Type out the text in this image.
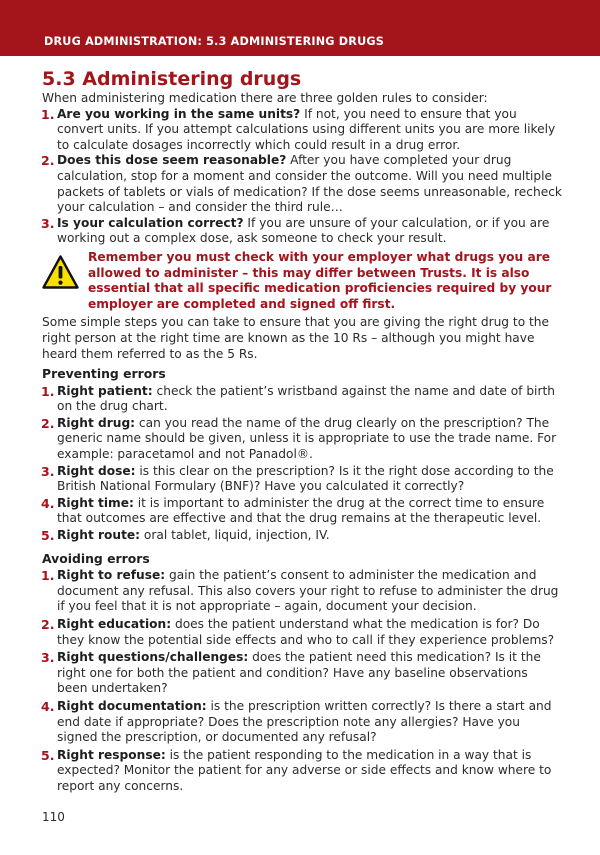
DRUG ADMINISTRATION: 5.3 ADMINISTERING DRUGS
5.3 Administering drugs

When administering medication there are three golden rules to consider:

1. Are you working in the same units? If not, you need to ensure that you convert units. If you attempt calculations using different units you are more likely to calculate dosages incorrectly which could result in a drug error.
2. Does this dose seem reasonable? After you have completed your drug calculation, stop for a moment and consider the outcome. Will you need multiple packets of tablets or vials of medication? If the dose seems unreasonable, recheck your calculation – and consider the third rule…
3. Is your calculation correct? If you are unsure of your calculation, or if you are working out a complex dose, ask someone to check your result.
Remember you must check with your employer what drugs you are allowed to administer – this may differ between Trusts. It is also essential that all specific medication proficiencies required by your employer are completed and signed off first.

Some simple steps you can take to ensure that you are giving the right drug to the right person at the right time are known as the 10 Rs – although you might have heard them referred to as the 5 Rs.

Preventing errors
1. Right patient: check the patient’s wristband against the name and date of birth on the drug chart.
2. Right drug: can you read the name of the drug clearly on the prescription? The generic name should be given, unless it is appropriate to use the trade name. For example: paracetamol and not Panadol®.
3. Right dose: is this clear on the prescription? Is it the right dose according to the British National Formulary (BNF)? Have you calculated it correctly?
4. Right time: it is important to administer the drug at the correct time to ensure that outcomes are effective and that the drug remains at the therapeutic level.
5. Right route: oral tablet, liquid, injection, IV.
Avoiding errors
1. Right to refuse: gain the patient’s consent to administer the medication and document any refusal. This also covers your right to refuse to administer the drug if you feel that it is not appropriate – again, document your decision.
2. Right education: does the patient understand what the medication is for? Do they know the potential side effects and who to call if they experience problems?
3. Right questions/challenges: does the patient need this medication? Is it the right one for both the patient and condition? Have any baseline observations been undertaken?
4. Right documentation: is the prescription written correctly? Is there a start and end date if appropriate? Does the prescription note any allergies? Have you signed the prescription, or documented any refusal?
5. Right response: is the patient responding to the medication in a way that is expected? Monitor the patient for any adverse or side effects and know where to report any concerns.
110
